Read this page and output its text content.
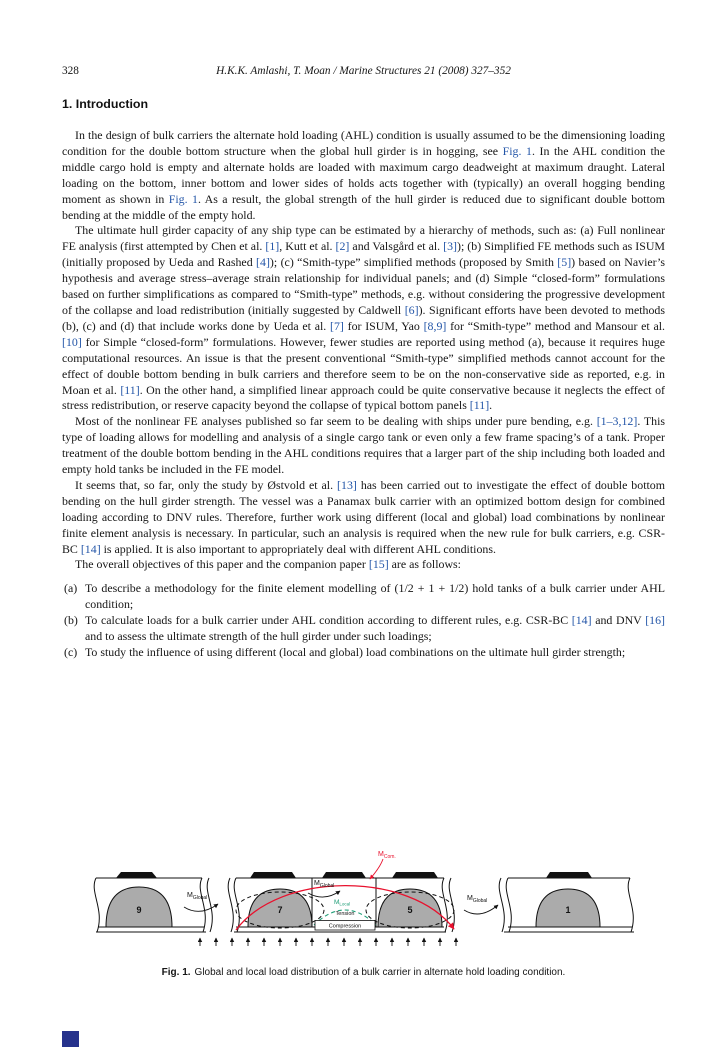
328	H.K.K. Amlashi, T. Moan / Marine Structures 21 (2008) 327–352
1. Introduction

In the design of bulk carriers the alternate hold loading (AHL) condition is usually assumed to be the dimensioning loading condition for the double bottom structure when the global hull girder is in hogging, see Fig. 1. In the AHL condition the middle cargo hold is empty and alternate holds are loaded with maximum cargo deadweight at maximum draught. Lateral loading on the bottom, inner bottom and lower sides of holds acts together with (typically) an overall hogging bending moment as shown in Fig. 1. As a result, the global strength of the hull girder is reduced due to significant double bottom bending at the middle of the empty hold.

The ultimate hull girder capacity of any ship type can be estimated by a hierarchy of methods, such as: (a) Full nonlinear FE analysis (first attempted by Chen et al. [1], Kutt et al. [2] and Valsgård et al. [3]); (b) Simplified FE methods such as ISUM (initially proposed by Ueda and Rashed [4]); (c) “Smith-type” simplified methods (proposed by Smith [5]) based on Navier’s hypothesis and average stress–average strain relationship for individual panels; and (d) Simple “closed-form” formulations based on further simplifications as compared to “Smith-type” methods, e.g. without considering the progressive development of the collapse and load redistribution (initially suggested by Caldwell [6]). Significant efforts have been devoted to methods (b), (c) and (d) that include works done by Ueda et al. [7] for ISUM, Yao [8,9] for “Smith-type” method and Mansour et al. [10] for Simple “closed-form” formulations. However, fewer studies are reported using method (a), because it requires huge computational resources. An issue is that the present conventional “Smith-type” simplified methods cannot account for the effect of double bottom bending in bulk carriers and therefore seem to be on the non-conservative side as reported, e.g. in Moan et al. [11]. On the other hand, a simplified linear approach could be quite conservative because it neglects the effect of stress redistribution, or reserve capacity beyond the collapse of typical bottom panels [11].

Most of the nonlinear FE analyses published so far seem to be dealing with ships under pure bending, e.g. [1–3,12]. This type of loading allows for modelling and analysis of a single cargo tank or even only a few frame spacing’s of a tank. Proper treatment of the double bottom bending in the AHL conditions requires that a larger part of the ship including both loaded and empty hold tanks be included in the FE model.

It seems that, so far, only the study by Østvold et al. [13] has been carried out to investigate the effect of double bottom bending on the hull girder strength. The vessel was a Panamax bulk carrier with an optimized bottom design for combined loading according to DNV rules. Therefore, further work using different (local and global) load combinations by nonlinear finite element analysis is necessary. In particular, such an analysis is required when the new rule for bulk carriers, e.g. CSR-BC [14] is applied. It is also important to appropriately deal with different AHL conditions.

The overall objectives of this paper and the companion paper [15] are as follows:

(a) To describe a methodology for the finite element modelling of (1/2 + 1 + 1/2) hold tanks of a bulk carrier under AHL condition;
(b) To calculate loads for a bulk carrier under AHL condition according to different rules, e.g. CSR-BC [14] and DNV [16] and to assess the ultimate strength of the hull girder under such loadings;
(c) To study the influence of using different (local and global) load combinations on the ultimate hull girder strength;
9	7	5	1
$M_{Com.}$
$M_{Local}$
Tension
Compression
$M_{Global}$
$M_{Global}$
$M_{Global}$
Fig. 1. Global and local load distribution of a bulk carrier in alternate hold loading condition.
